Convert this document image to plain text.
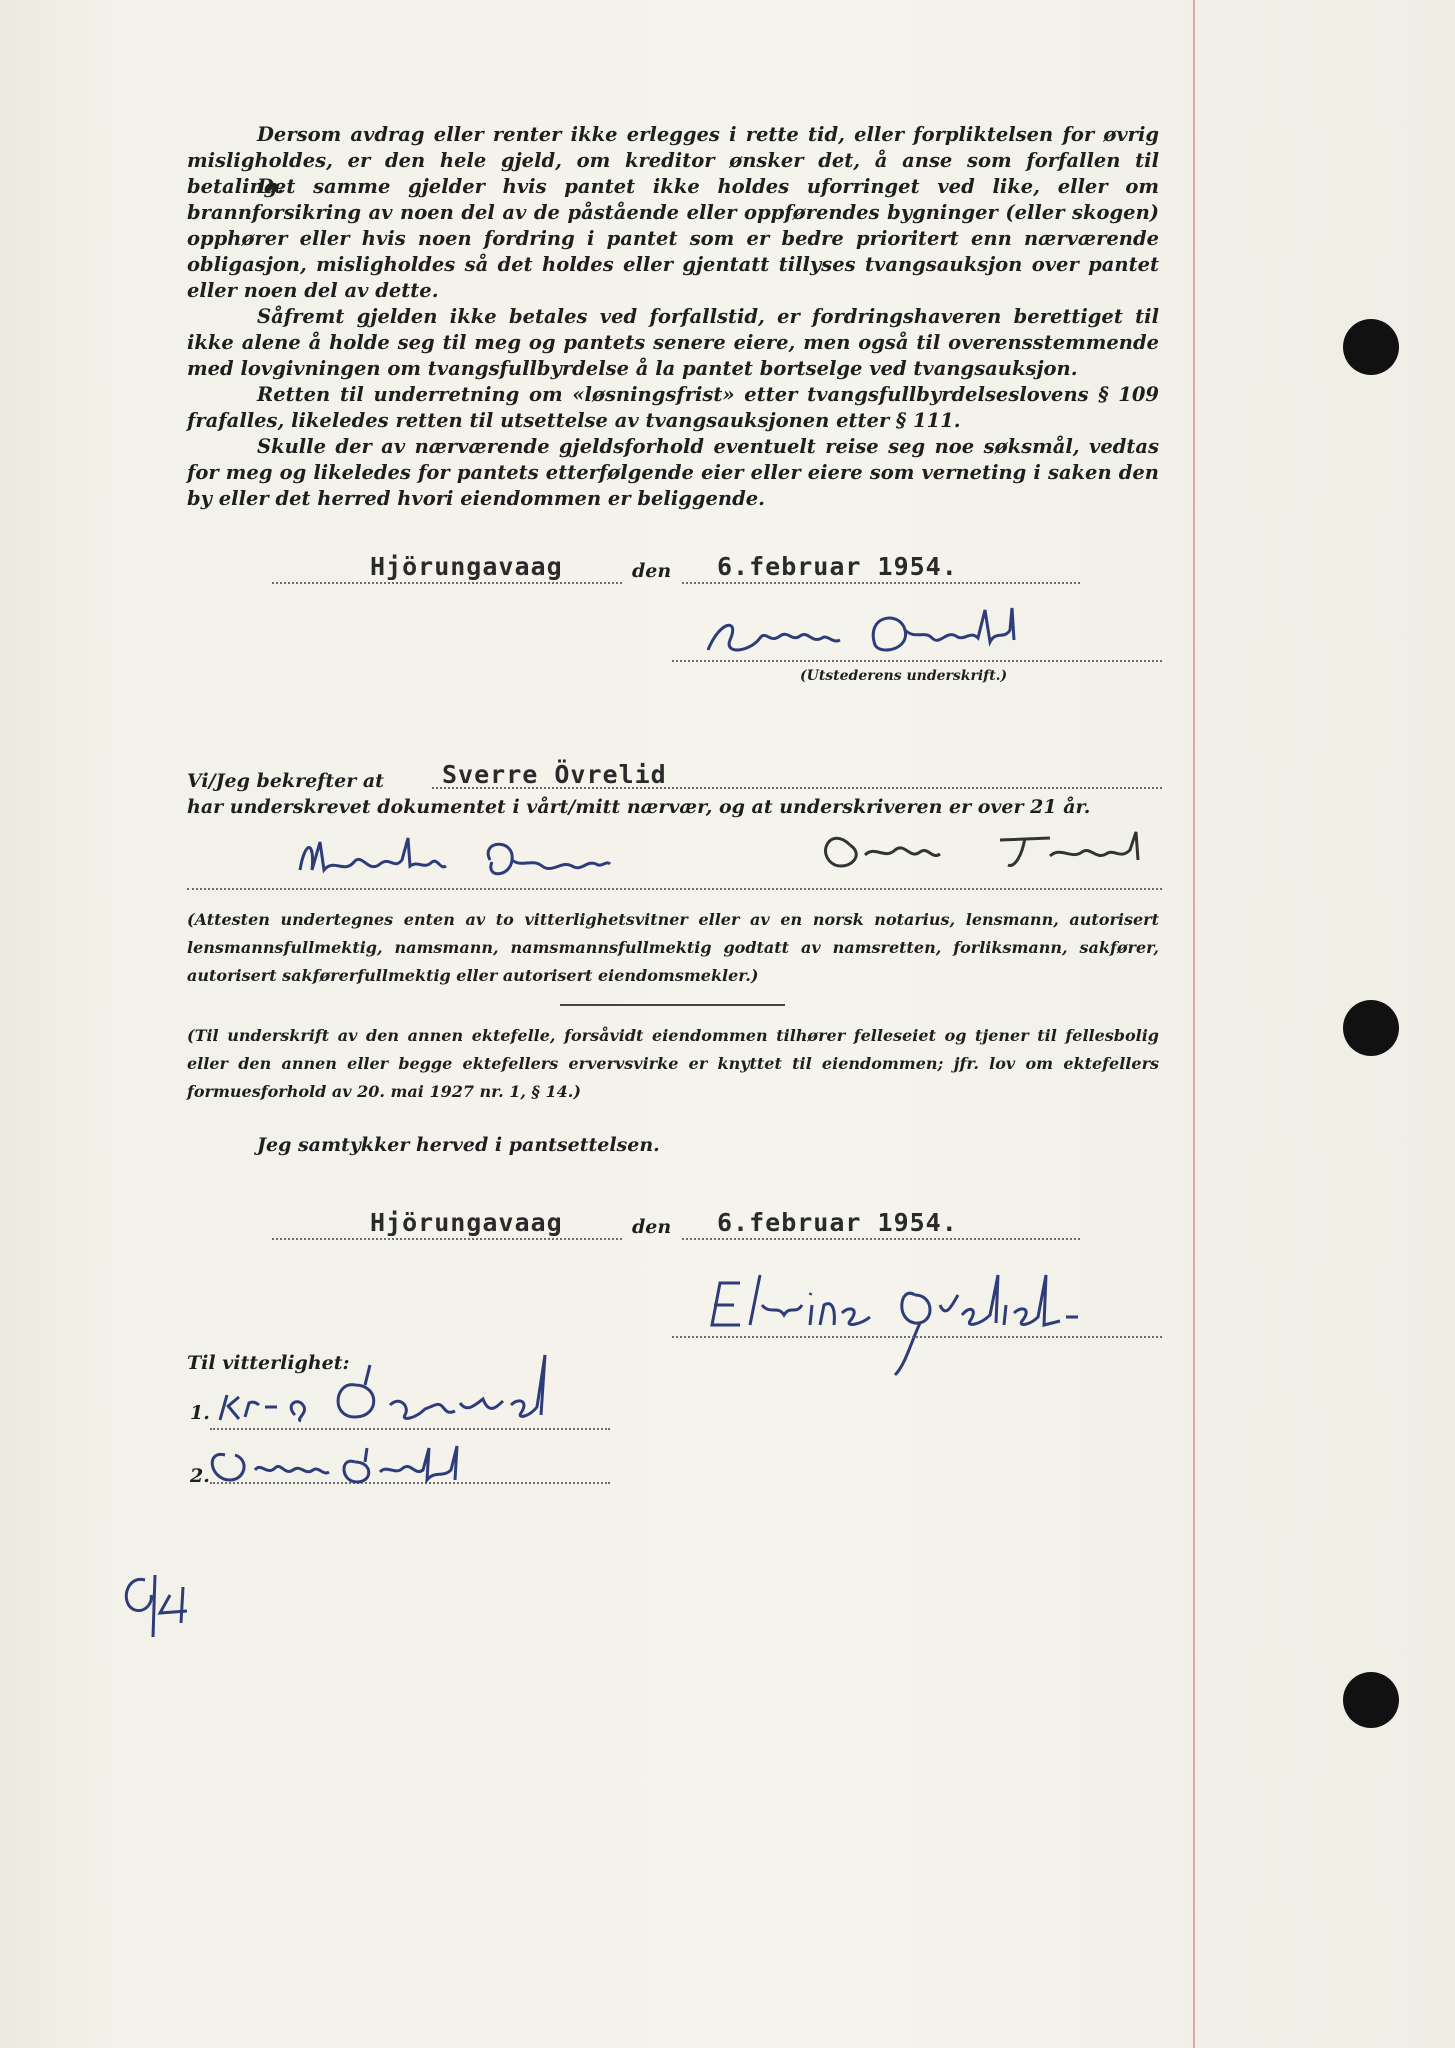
Dersom avdrag eller renter ikke erlegges i rette tid, eller forpliktelsen for øvrig misligholdes, er den hele gjeld, om kreditor ønsker det, å anse som forfallen til betaling.
Det samme gjelder hvis pantet ikke holdes uforringet ved like, eller om brannforsikring av noen del av de påstående eller oppførendes bygninger (eller skogen) opphører eller hvis noen fordring i pantet som er bedre prioritert enn nærværende obligasjon, misligholdes så det holdes eller gjentatt tillyses tvangsauksjon over pantet eller noen del av dette.
Såfremt gjelden ikke betales ved forfallstid, er fordringshaveren berettiget til ikke alene å holde seg til meg og pantets senere eiere, men også til overensstemmende med lovgivningen om tvangsfullbyrdelse å la pantet bortselge ved tvangsauksjon.
Retten til underretning om «løsningsfrist» etter tvangsfullbyrdelseslovens § 109 frafalles, likeledes retten til utsettelse av tvangsauksjonen etter § 111.
Skulle der av nærværende gjeldsforhold eventuelt reise seg noe søksmål, vedtas for meg og likeledes for pantets etterfølgende eier eller eiere som verneting i saken den by eller det herred hvori eiendommen er beliggende.
Hjörungavaag	den 6.februar 1954.
(Utstederens underskrift.)
Vi/Jeg bekrefter at Sverre Övrelid
har underskrevet dokumentet i vårt/mitt nærvær, og at underskriveren er over 21 år.
(Attesten undertegnes enten av to vitterlighetsvitner eller av en norsk notarius, lensmann, autorisert lensmannsfullmektig, namsmann, namsmannsfullmektig godtatt av namsretten, forliksmann, sakfører, autorisert sakførerfullmektig eller autorisert eiendomsmekler.)
(Til underskrift av den annen ektefelle, forsåvidt eiendommen tilhører felleseiet og tjener til fellesbolig eller den annen eller begge ektefellers ervervsvirke er knyttet til eiendommen; jfr. lov om ektefellers formuesforhold av 20. mai 1927 nr. 1, § 14.)
Jeg samtykker herved i pantsettelsen.
Hjörungavaag	den 6.februar 1954.
Til vitterlighet:
1.
2.
